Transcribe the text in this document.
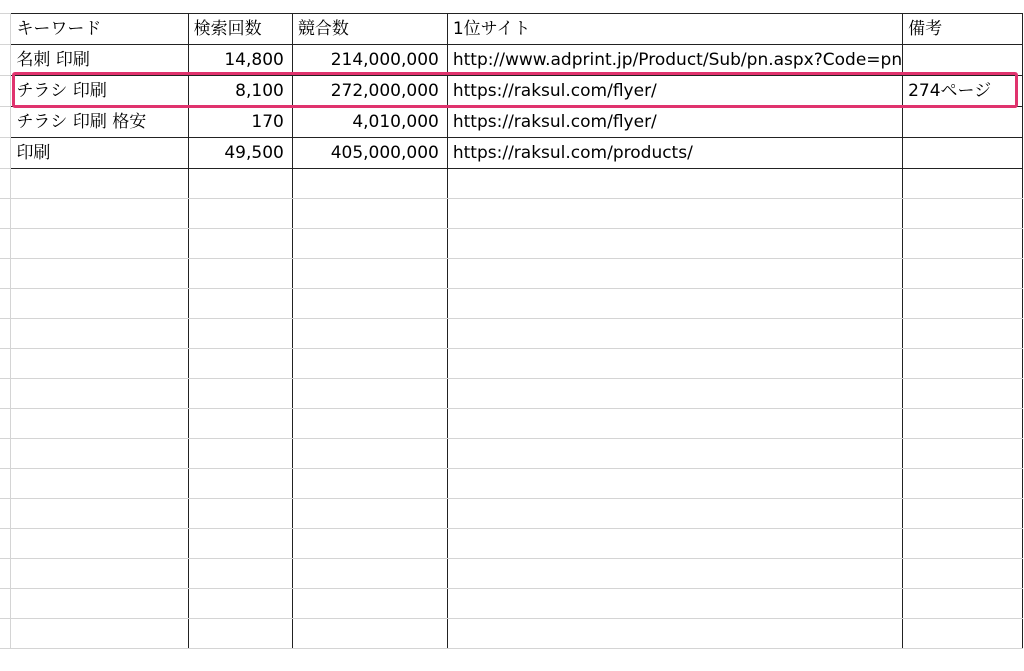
	キーワード	検索回数	競合数	1位サイト	備考
	名刺 印刷	14,800	214,000,000	http://www.adprint.jp/Product/Sub/pn.aspx?Code=pn	
	チラシ 印刷	8,100	272,000,000	https://raksul.com/flyer/	274ページ
	チラシ 印刷 格安	170	4,010,000	https://raksul.com/flyer/	
	印刷	49,500	405,000,000	https://raksul.com/products/	
